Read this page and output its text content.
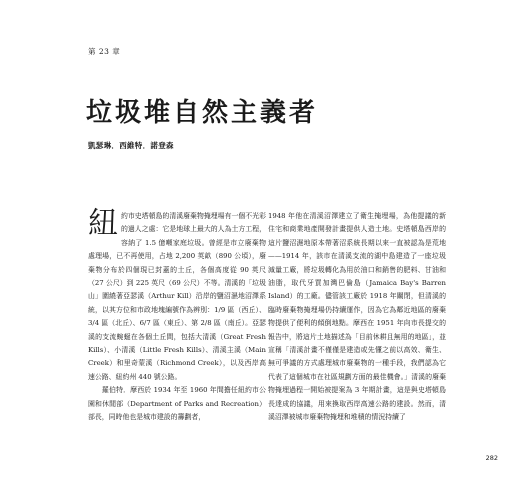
第 23 章
垃圾堆自然主義者
凱瑟琳．西維特．諾登森

紐約市史塔頓島的清溪廢棄物掩埋場有一個不光彩的過人之處：它是地球上最大的人為土方工程，容納了 1.5 億噸家庭垃圾。曾經是市立廢棄物處理場，已不再使用，占地 2,200 英畝（890 公頃），廢棄物分布於四個現已封蓋的土丘，各個高度從 90 英尺（27 公尺）到 225 英尺（69 公尺）不等。清溪的「垃圾山」圍繞著亞瑟溪（Arthur Kill）沿岸的鹽沼濕地沼澤系統，以其方位和市政地塊編號作為辨別：1/9 區（西丘）、3/4 區（北丘）、6/7 區（東丘）、第 2/8 區（南丘）。亞瑟溪的支流蜿蜒在各個土丘間，包括大清溪（Great Fresh Kills）、小清溪（Little Fresh Kills）、清溪主溪（Main Creek）和里奇蒙溪（Richmond Creek），以及西岸高速公路、紐約州 440 號公路。

羅伯特．摩西於 1934 年至 1960 年間擔任紐約市公園和休閒部（Department of Parks and Recreation）部長，同時他也是城市建設的籌劃者，

1948 年他在清溪沼澤建立了衛生掩埋場，為他提議的新住宅和商業地產開發計畫提供人造土地。史塔頓島西岸的這片鹽沼濕地原本帶著沼系統長期以來一直被認為是荒地——1914 年，該市在清溪支流的湖中島建造了一座垃圾減量工廠，將垃圾轉化為用於油口和銷售的肥料、甘油和油脂，取代牙買加灣巴倫島（Jamaica Bay's Barren Island）的工廠。儘管該工廠於 1918 年關閉，但清溪的臨時廢棄物掩埋場仍持續運作，因為它為鄰近地區的廢棄物提供了便利的傾倒地點。摩西在 1951 年向市長提交的報告中，將這片土地描述為「目前休耕且無用的地區」，並宣稱「清溪計畫不僅僅是建造或先懂之前以高效、衛生、無可爭議的方式處理城市廢棄物的一種手段，我們認為它代表了這個城市在社區規劃方面的最佳機會。」清溪的廢棄物掩埋過程一開始被提案為 3 年期計畫，這是與史塔頓島長達成的協議，用來換取西岸高速公路的建設。然而，清溪沼澤被城市廢棄物掩埋和堆積的情況持續了

282
